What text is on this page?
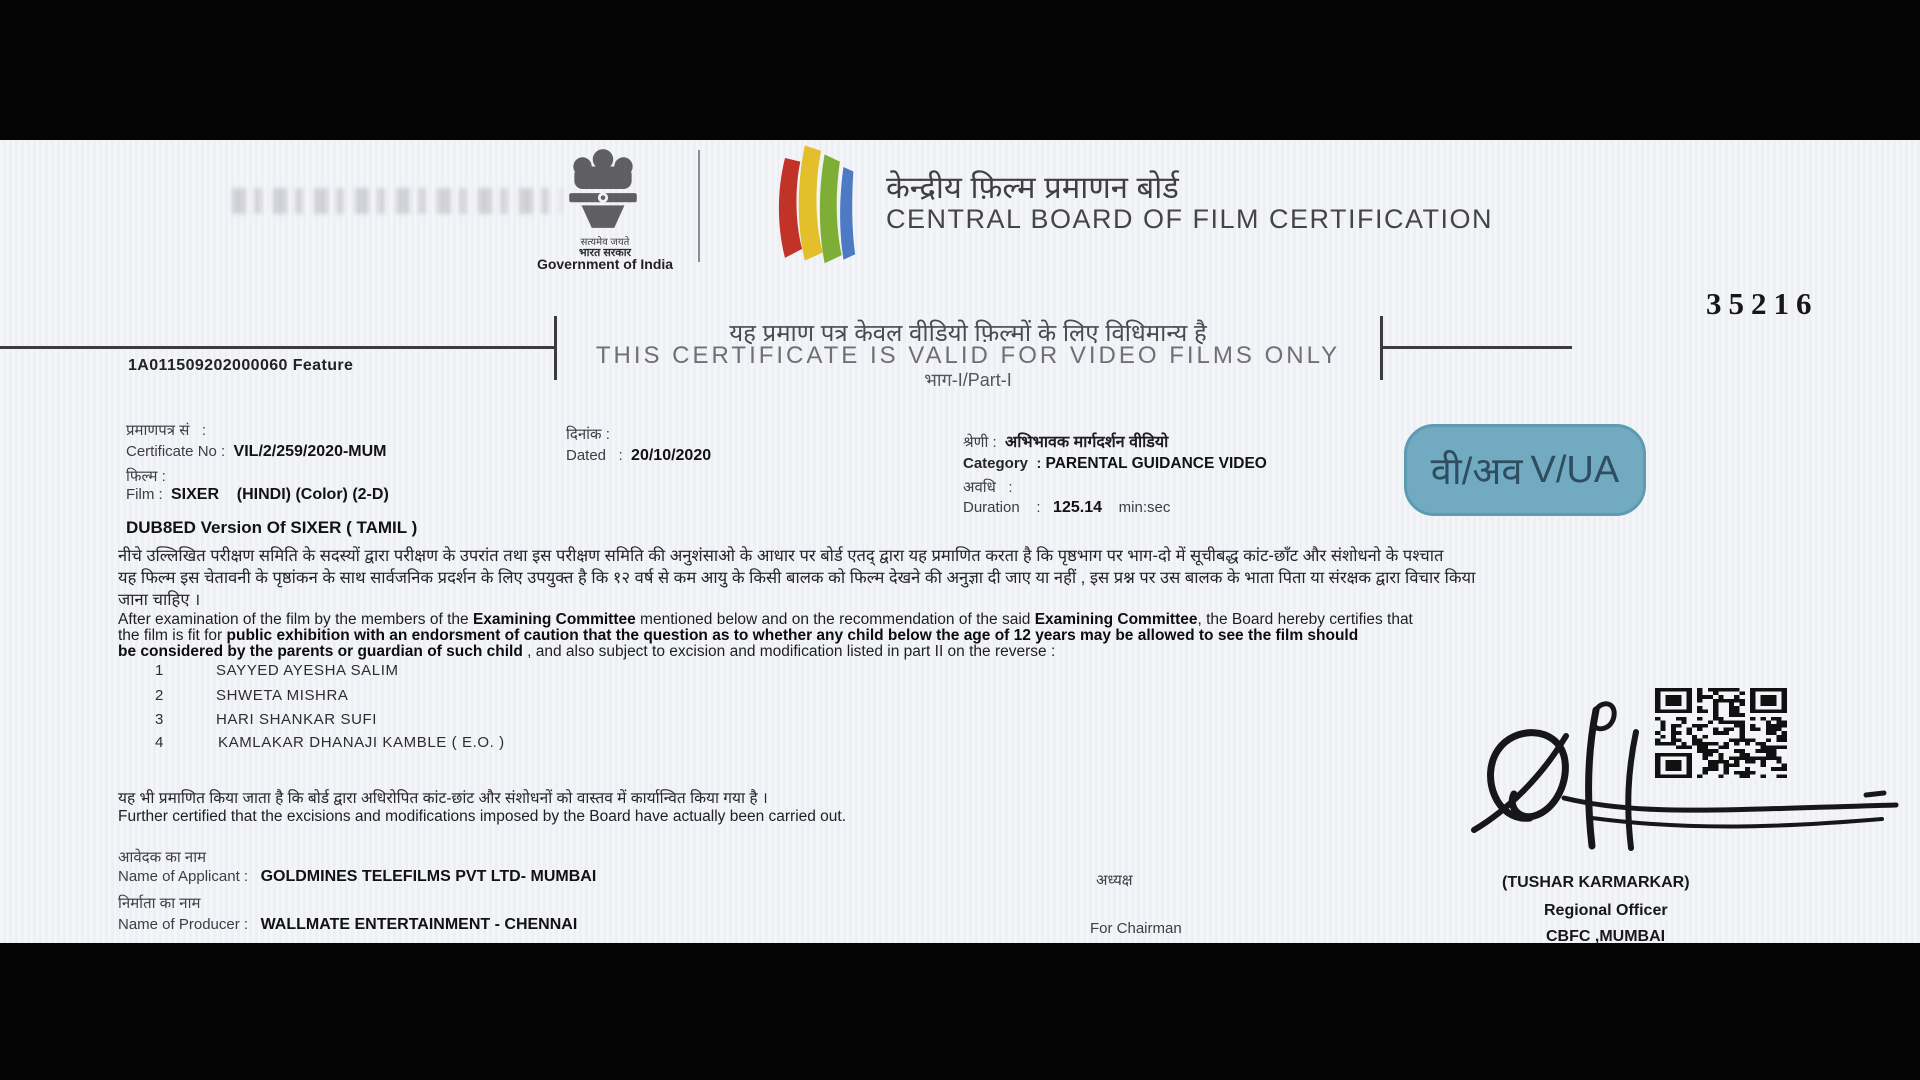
सत्यमेव जयते
भारत सरकार
Government of India
केन्द्रीय फ़िल्म प्रमाणन बोर्ड
CENTRAL BOARD OF FILM CERTIFICATION
35216
यह प्रमाण पत्र केवल वीडियो फ़िल्मों के लिए विधिमान्य है
THIS CERTIFICATE IS VALID FOR VIDEO FILMS ONLY
भाग-I/Part-I
1A011509202000060 Feature
प्रमाणपत्र सं   :
Certificate No :  VIL/2/259/2020-MUM
फिल्म :
Film :  SIXER    (HINDI) (Color) (2-D)
दिनांक :
Dated   :  20/10/2020
श्रेणी :  अभिभावक मार्गदर्शन वीडियो
Category  : PARENTAL GUIDANCE VIDEO
अवधि   :
Duration    :   125.14    min:sec
वी/अव V/UA
DUB8ED Version Of SIXER ( TAMIL )
नीचे उल्लिखित परीक्षण समिति के सदस्यों द्वारा परीक्षण के उपरांत तथा इस परीक्षण समिति की अनुशंसाओ के आधार पर बोर्ड एतद् द्वारा यह प्रमाणित करता है कि पृष्ठभाग पर भाग-दो में सूचीबद्ध कांट-छाँट और संशोधनो के पश्चात
यह फिल्म इस चेतावनी के पृष्ठांकन के साथ सार्वजनिक प्रदर्शन के लिए उपयुक्त है कि १२ वर्ष से कम आयु के किसी बालक को फिल्म देखने की अनुज्ञा दी जाए या नहीं , इस प्रश्न पर उस बालक के भाता पिता या संरक्षक द्वारा विचार किया
जाना चाहिए ।
After examination of the film by the members of the Examining Committee mentioned below and on the recommendation of the said Examining Committee, the Board hereby certifies that
the film is fit for public exhibition with an endorsment of caution that the question as to whether any child below the age of 12 years may be allowed to see the film should
be considered by the parents or guardian of such child , and also subject to excision and modification listed in part II on the reverse :
1	SAYYED AYESHA SALIM
2	SHWETA MISHRA
3	HARI SHANKAR SUFI
4	KAMLAKAR DHANAJI KAMBLE ( E.O. )
यह भी प्रमाणित किया जाता है कि बोर्ड द्वारा अधिरोपित कांट-छांट और संशोधनों को वास्तव में कार्यान्वित किया गया है ।
Further certified that the excisions and modifications imposed by the Board have actually been carried out.
आवेदक का नाम
Name of Applicant :   GOLDMINES TELEFILMS PVT LTD- MUMBAI
निर्माता का नाम
Name of Producer :   WALLMATE ENTERTAINMENT - CHENNAI
अध्यक्ष
For Chairman
(TUSHAR KARMARKAR)
Regional Officer
CBFC ,MUMBAI
